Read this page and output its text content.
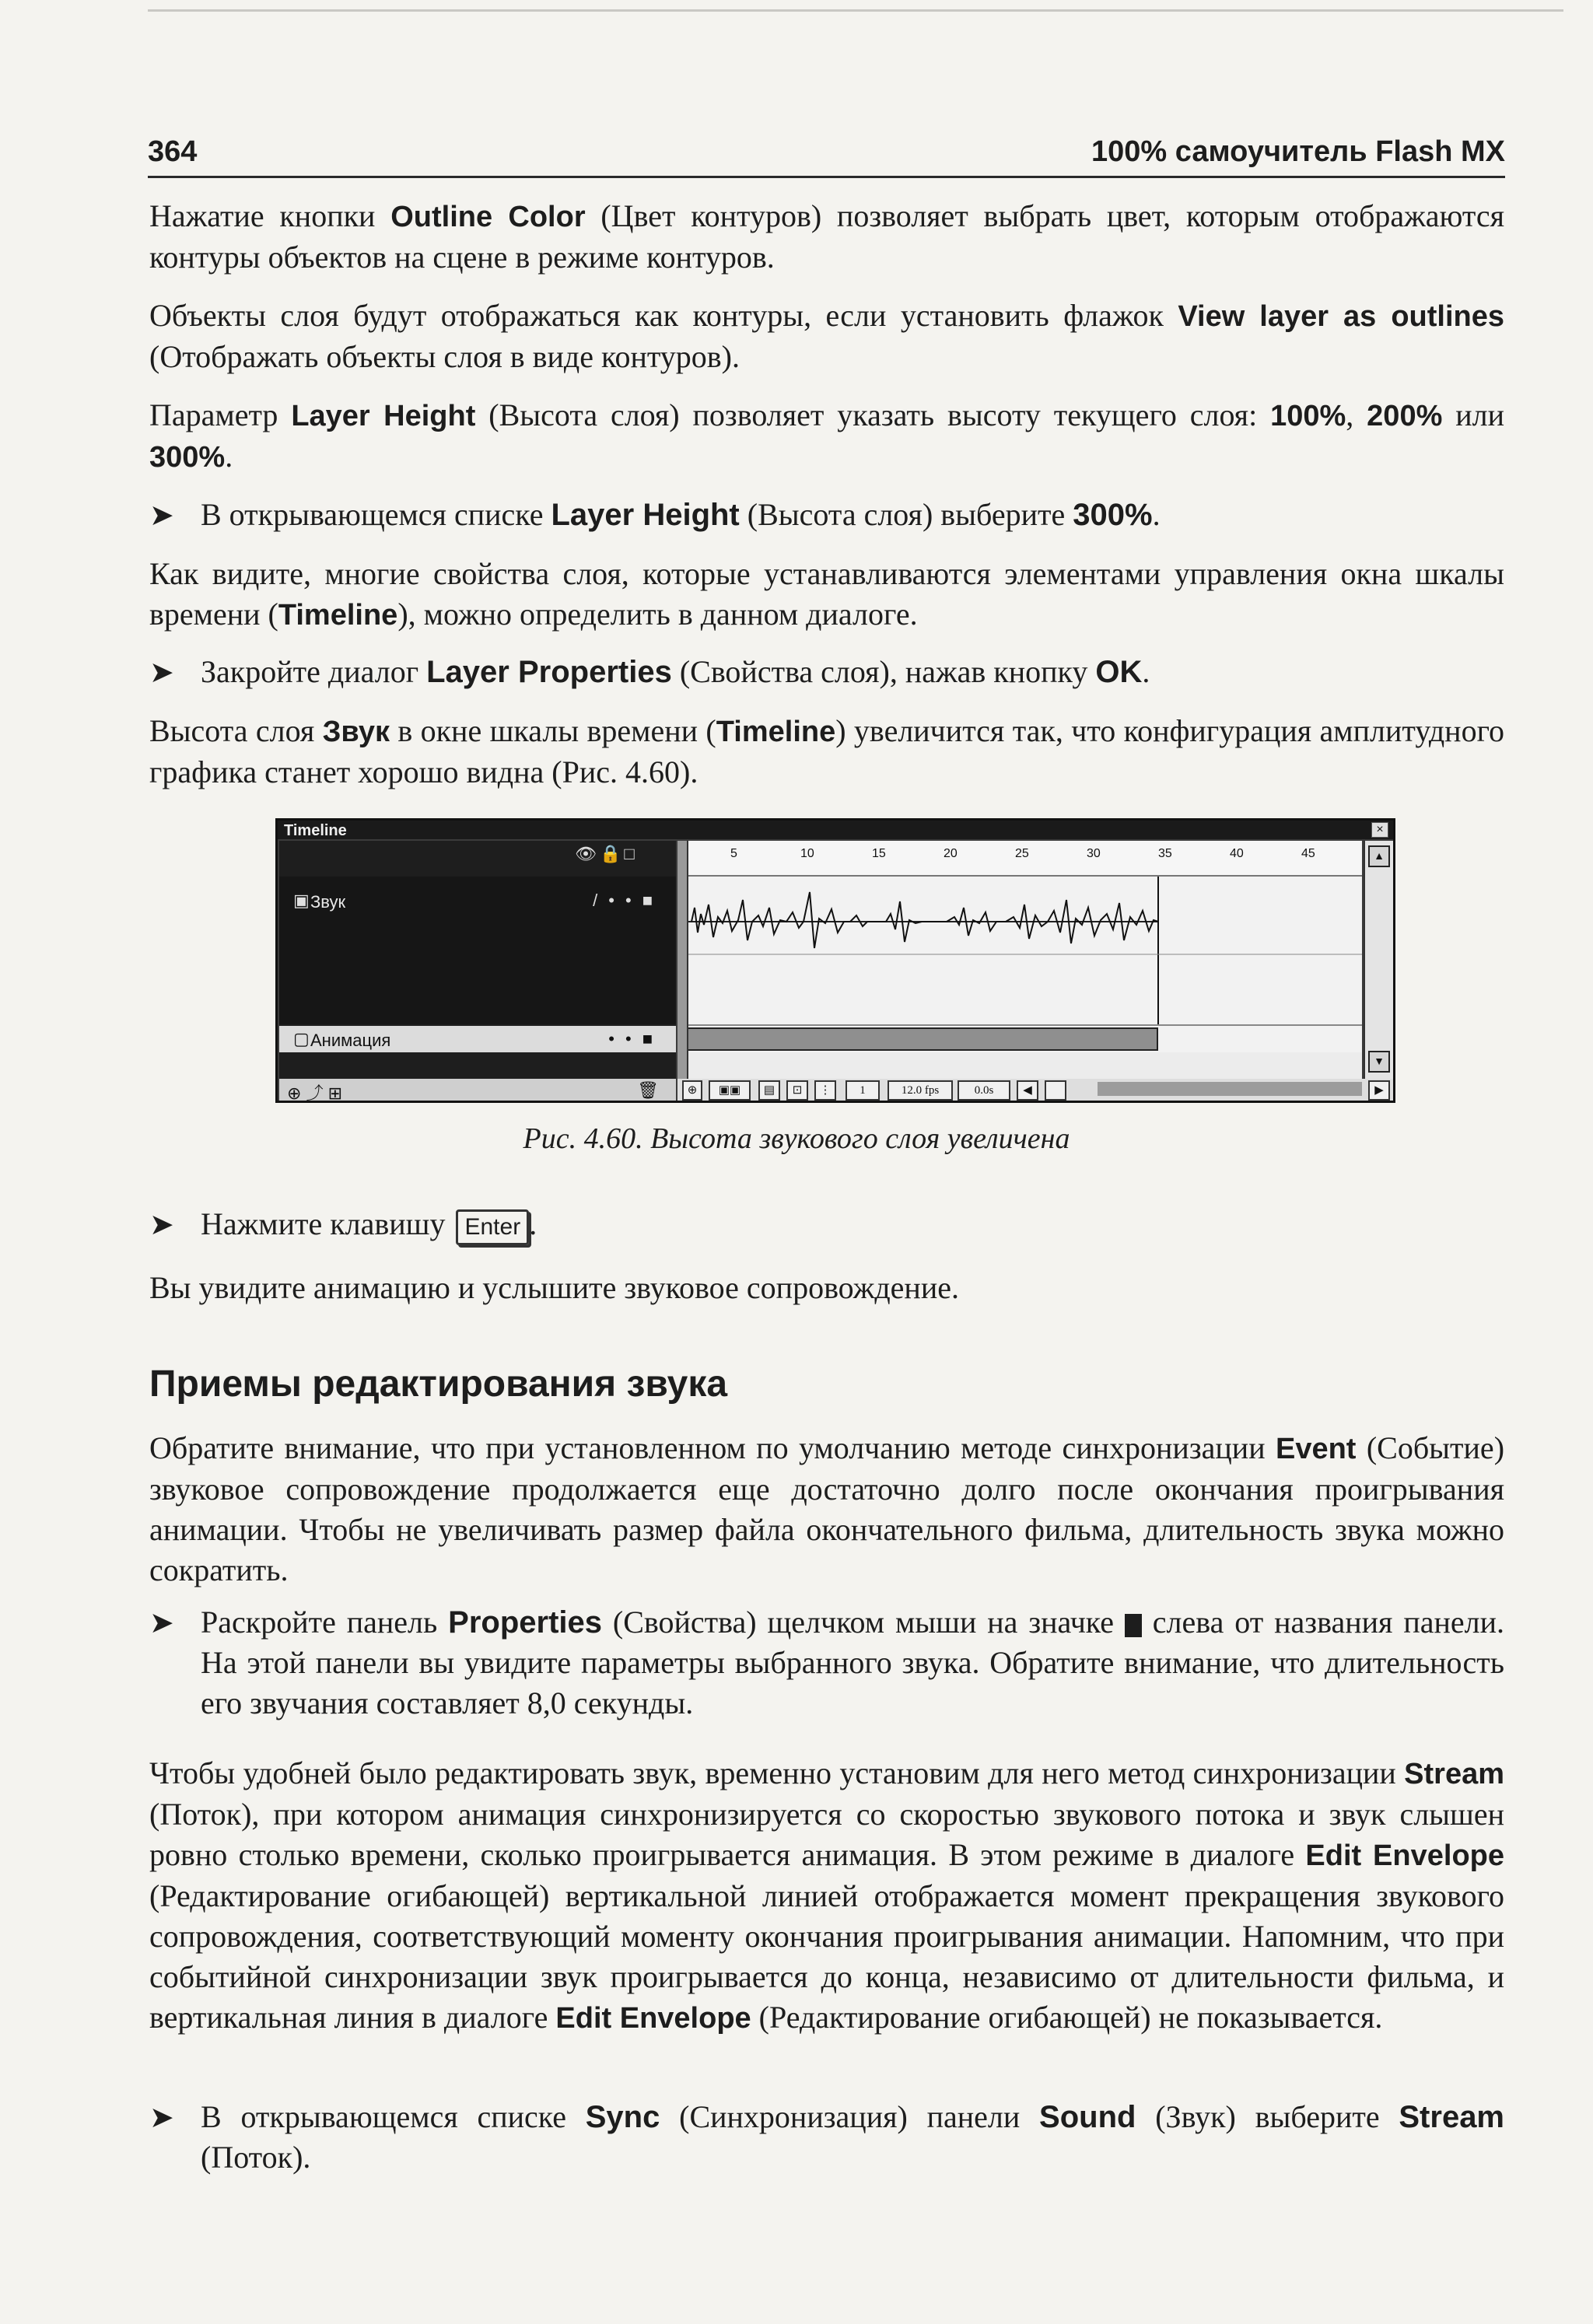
364	100% самоучитель Flash MX

Нажатие кнопки Outline Color (Цвет контуров) позволяет выбрать цвет, которым отображаются контуры объектов на сцене в режиме контуров.

Объекты слоя будут отображаться как контуры, если установить флажок View layer as outlines (Отображать объекты слоя в виде контуров).

Параметр Layer Height (Высота слоя) позволяет указать высоту текущего слоя: 100%, 200% или 300%.

➤ В открывающемся списке Layer Height (Высота слоя) выберите 300%.

Как видите, многие свойства слоя, которые устанавливаются элементами управления окна шкалы времени (Timeline), можно определить в данном диалоге.

➤ Закройте диалог Layer Properties (Свойства слоя), нажав кнопку OK.

Высота слоя Звук в окне шкалы времени (Timeline) увеличится так, что конфигурация амплитудного графика станет хорошо видна (Рис. 4.60).

Timeline	×
👁🔒□
▣ Звук	/••■
▢ Анимация	••■
⊕ ⤴ ⊞	🗑
5	10	15	20	25	30	35	40	45	▲
▼
⊕	▣▣	▤	⊡	⋮	1	12.0 fps	0.0s	◀	▶
Рис. 4.60. Высота звукового слоя увеличена

➤ Нажмите клавишу Enter .

Вы увидите анимацию и услышите звуковое сопровождение.

Приемы редактирования звука

Обратите внимание, что при установленном по умолчанию методе синхронизации Event (Событие) звуковое сопровождение продолжается еще достаточно долго после окончания проигрывания анимации. Чтобы не увеличивать размер файла окончательного фильма, длительность звука можно сократить.

➤ Раскройте панель Properties (Свойства) щелчком мыши на значке  слева от названия панели. На этой панели вы увидите параметры выбранного звука. Обратите внимание, что длительность его звучания составляет 8,0 секунды.

Чтобы удобней было редактировать звук, временно установим для него метод синхронизации Stream (Поток), при котором анимация синхронизируется со скоростью звукового потока и звук слышен ровно столько времени, сколько проигрывается анимация. В этом режиме в диалоге Edit Envelope (Редактирование огибающей) вертикальной линией отображается момент прекращения звукового сопровождения, соответствующий моменту окончания проигрывания анимации. Напомним, что при событийной синхронизации звук проигрывается до конца, независимо от длительности фильма, и вертикальная линия в диалоге Edit Envelope (Редактирование огибающей) не показывается.

➤ В открывающемся списке Sync (Синхронизация) панели Sound (Звук) выберите Stream (Поток).
